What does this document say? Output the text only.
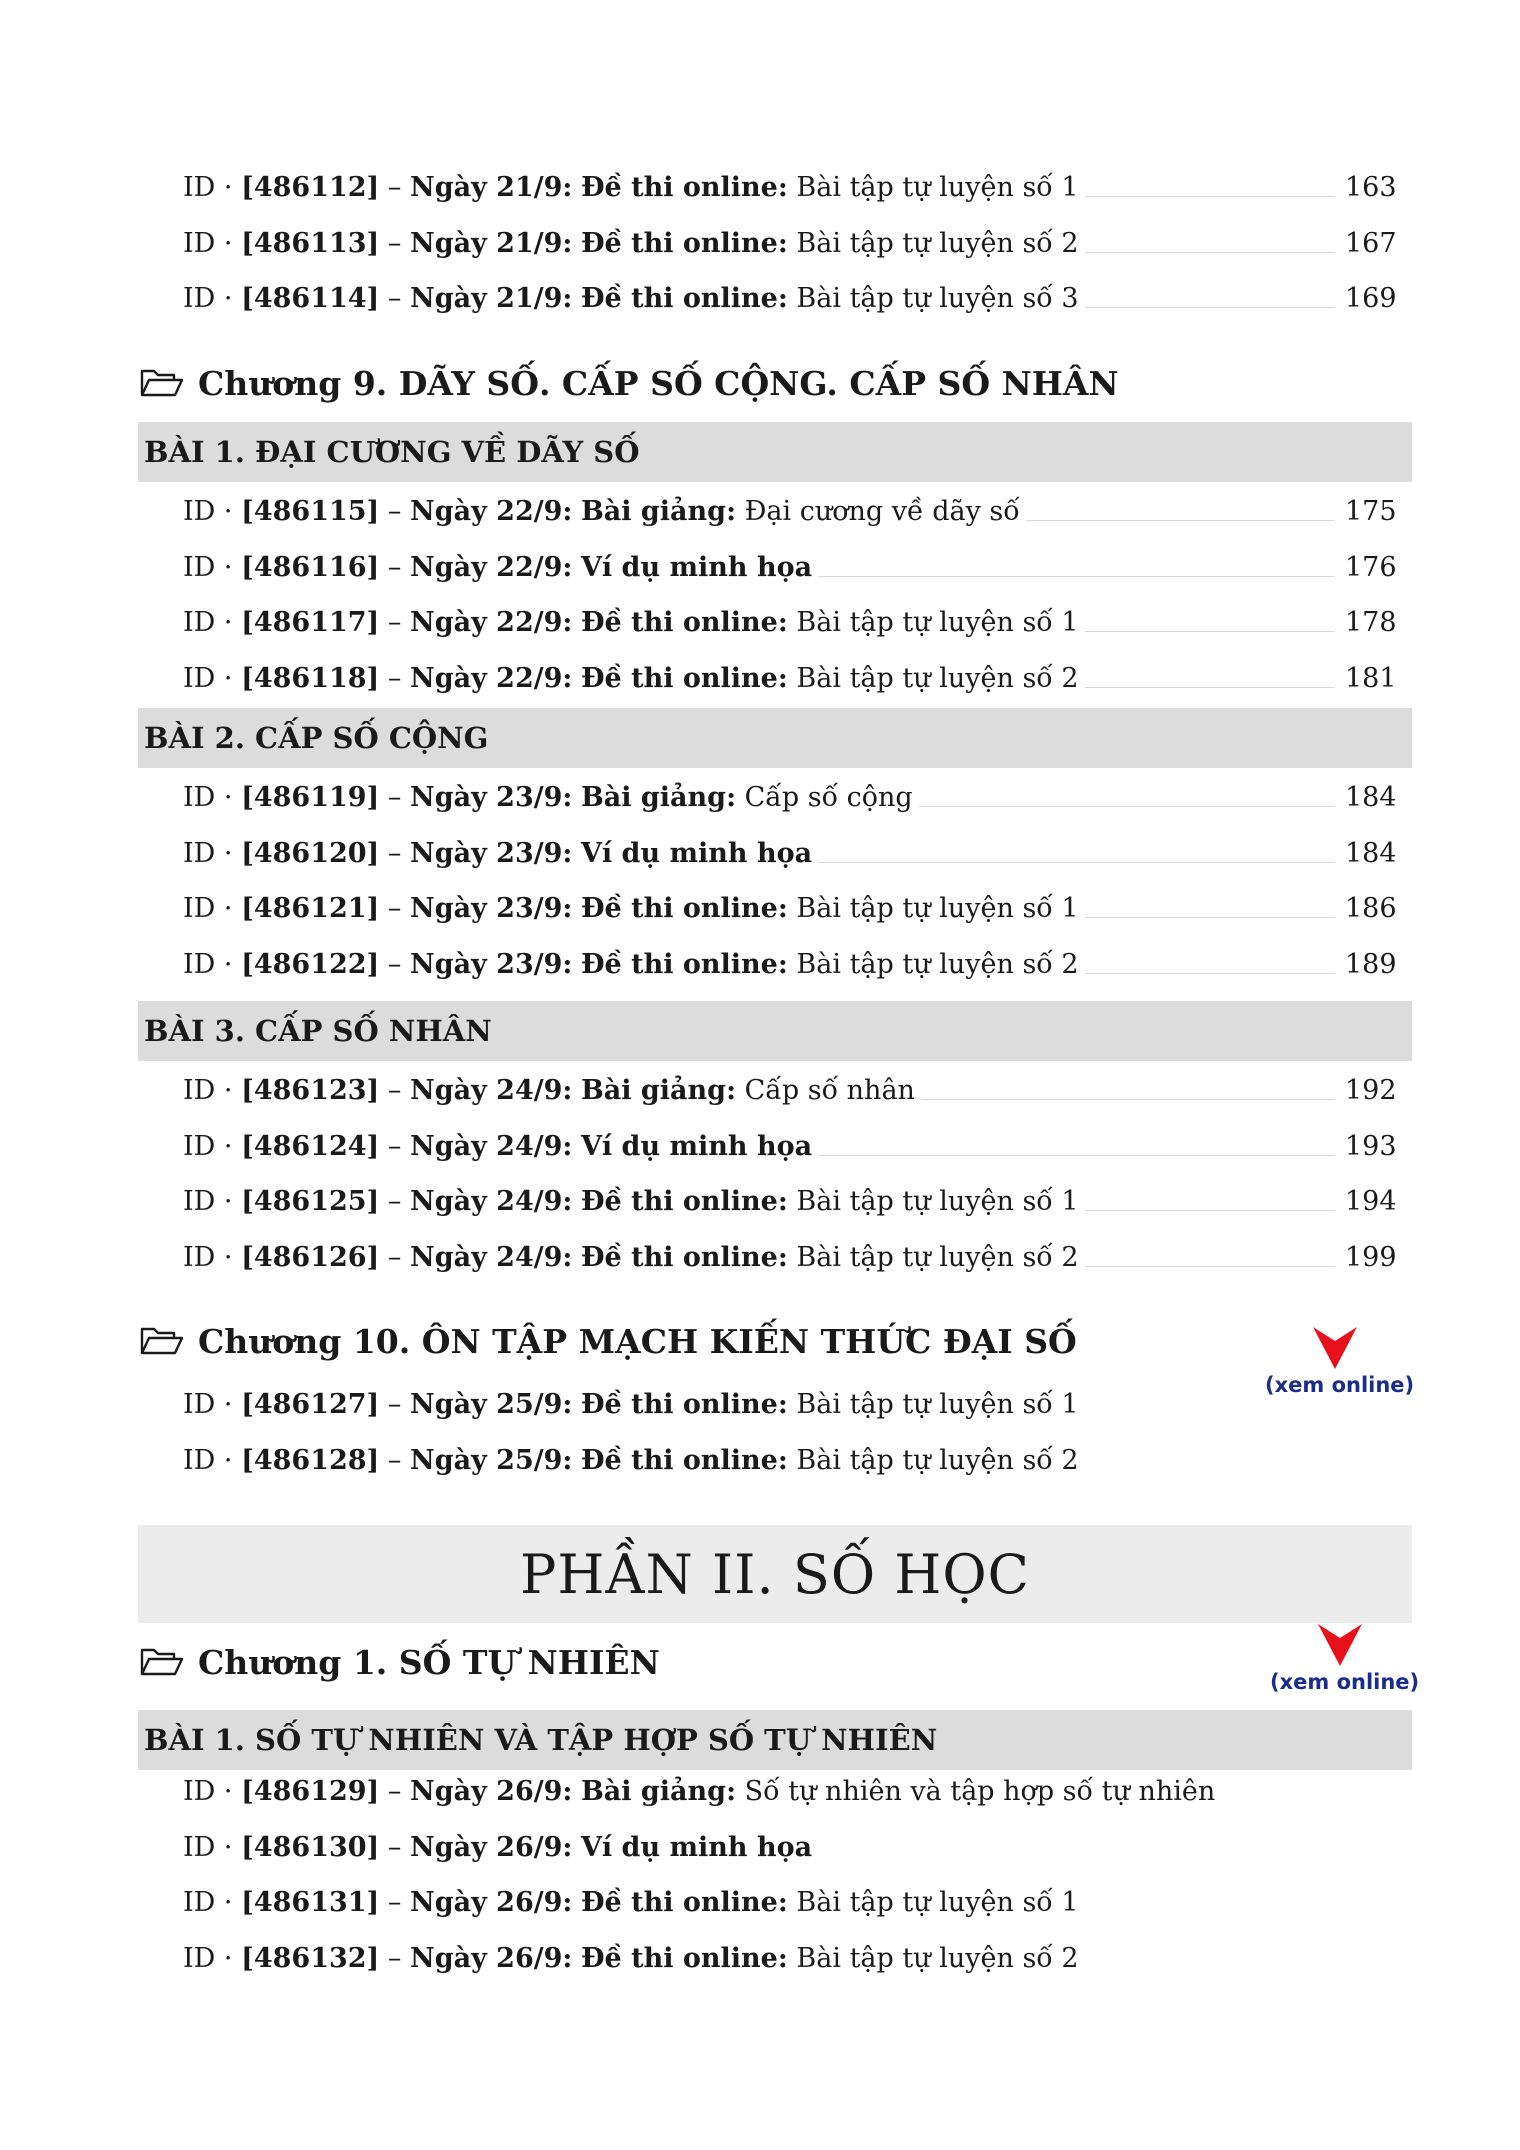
ID · [486112] – Ngày 21/9: Đề thi online: Bài tập tự luyện số 1	163
ID · [486113] – Ngày 21/9: Đề thi online: Bài tập tự luyện số 2	167
ID · [486114] – Ngày 21/9: Đề thi online: Bài tập tự luyện số 3	169
Chương 9. DÃY SỐ. CẤP SỐ CỘNG. CẤP SỐ NHÂN
BÀI 1. ĐẠI CƯƠNG VỀ DÃY SỐ
ID · [486115] – Ngày 22/9: Bài giảng: Đại cương về dãy số	175
ID · [486116] – Ngày 22/9: Ví dụ minh họa	176
ID · [486117] – Ngày 22/9: Đề thi online: Bài tập tự luyện số 1	178
ID · [486118] – Ngày 22/9: Đề thi online: Bài tập tự luyện số 2	181
BÀI 2. CẤP SỐ CỘNG
ID · [486119] – Ngày 23/9: Bài giảng: Cấp số cộng	184
ID · [486120] – Ngày 23/9: Ví dụ minh họa	184
ID · [486121] – Ngày 23/9: Đề thi online: Bài tập tự luyện số 1	186
ID · [486122] – Ngày 23/9: Đề thi online: Bài tập tự luyện số 2	189
BÀI 3. CẤP SỐ NHÂN
ID · [486123] – Ngày 24/9: Bài giảng: Cấp số nhân	192
ID · [486124] – Ngày 24/9: Ví dụ minh họa	193
ID · [486125] – Ngày 24/9: Đề thi online: Bài tập tự luyện số 1	194
ID · [486126] – Ngày 24/9: Đề thi online: Bài tập tự luyện số 2	199
Chương 10. ÔN TẬP MẠCH KIẾN THỨC ĐẠI SỐ
ID · [486127] – Ngày 25/9: Đề thi online: Bài tập tự luyện số 1
ID · [486128] – Ngày 25/9: Đề thi online: Bài tập tự luyện số 2
(xem online)
PHẦN II. SỐ HỌC
Chương 1. SỐ TỰ NHIÊN
(xem online)
BÀI 1. SỐ TỰ NHIÊN VÀ TẬP HỢP SỐ TỰ NHIÊN
ID · [486129] – Ngày 26/9: Bài giảng: Số tự nhiên và tập hợp số tự nhiên
ID · [486130] – Ngày 26/9: Ví dụ minh họa
ID · [486131] – Ngày 26/9: Đề thi online: Bài tập tự luyện số 1
ID · [486132] – Ngày 26/9: Đề thi online: Bài tập tự luyện số 2
